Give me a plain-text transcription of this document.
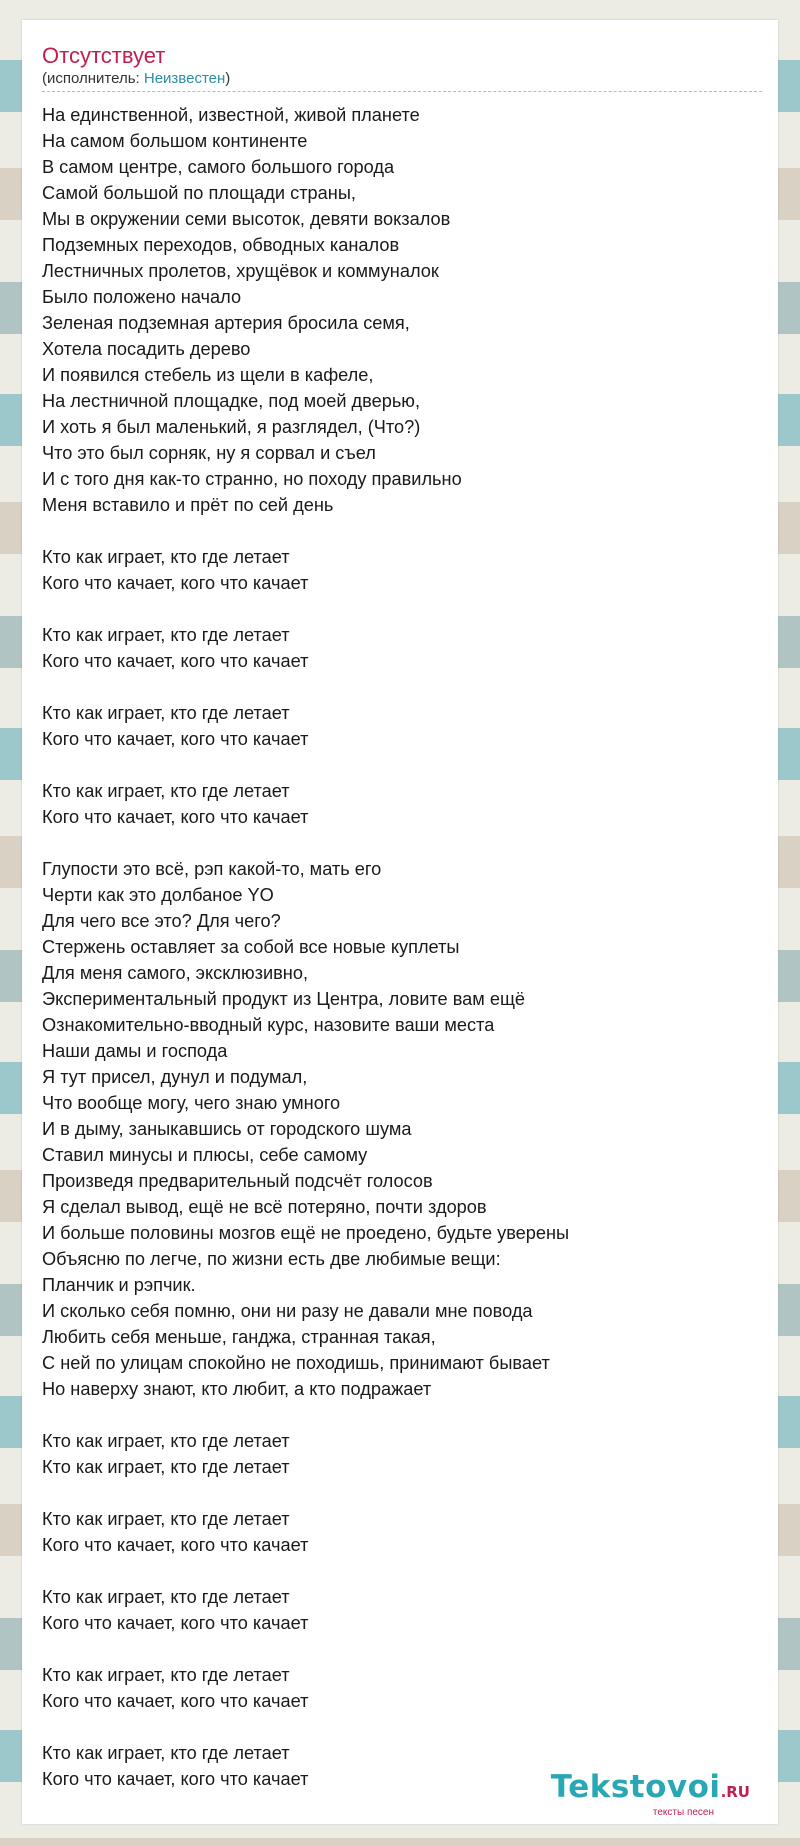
Отсутствует
(исполнитель: Неизвестен)
На единственной, известной, живой планете
На самом большом континенте
В самом центре, самого большого города
Самой большой по площади страны,
Мы в окружении семи высоток, девяти вокзалов
Подземных переходов, обводных каналов
Лестничных пролетов, хрущёвок и коммуналок
Было положено начало
Зеленая подземная артерия бросила семя,
Хотела посадить дерево
И появился стебель из щели в кафеле,
На лестничной площадке, под моей дверью,
И хоть я был маленький, я разглядел, (Что?)
Что это был сорняк, ну я сорвал и съел
И с того дня как-то странно, но походу правильно
Меня вставило и прёт по сей день
Кто как играет, кто где летает
Кого что качает, кого что качает
Кто как играет, кто где летает
Кого что качает, кого что качает
Кто как играет, кто где летает
Кого что качает, кого что качает
Кто как играет, кто где летает
Кого что качает, кого что качает
Глупости это всё, рэп какой-то, мать его
Черти как это долбаное YO
Для чего все это? Для чего?
Стержень оставляет за собой все новые куплеты
Для меня самого, эксклюзивно,
Экспериментальный продукт из Центра, ловите вам ещё
Ознакомительно-вводный курс, назовите ваши места
Наши дамы и господа
Я тут присел, дунул и подумал,
Что вообще могу, чего знаю умного
И в дыму, заныкавшись от городского шума
Ставил минусы и плюсы, себе самому
Произведя предварительный подсчёт голосов
Я сделал вывод, ещё не всё потеряно, почти здоров
И больше половины мозгов ещё не проедено, будьте уверены
Объясню по легче, по жизни есть две любимые вещи:
Планчик и рэпчик.
И сколько себя помню, они ни разу не давали мне повода
Любить себя меньше, ганджа, странная такая,
С ней по улицам спокойно не походишь, принимают бывает
Но наверху знают, кто любит, а кто подражает
Кто как играет, кто где летает
Кто как играет, кто где летает
Кто как играет, кто где летает
Кого что качает, кого что качает
Кто как играет, кто где летает
Кого что качает, кого что качает
Кто как играет, кто где летает
Кого что качает, кого что качает
Кто как играет, кто где летает
Кого что качает, кого что качает	Tekstovoi.RU
тексты песен
